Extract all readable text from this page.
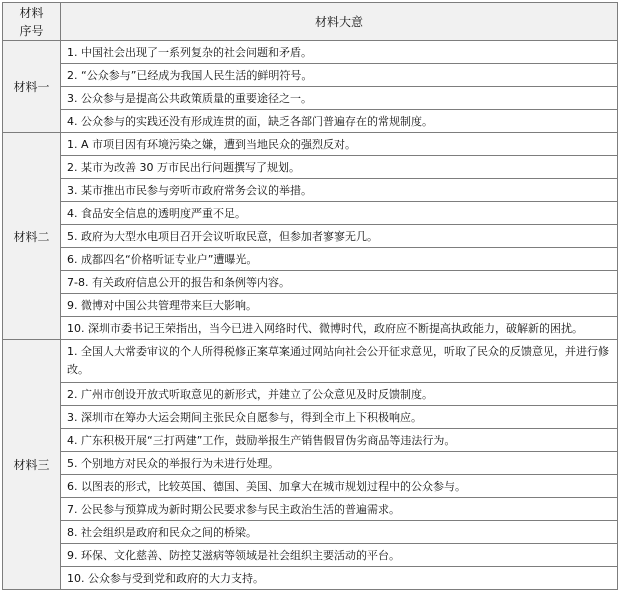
材料
序号	材料大意
材料一	1. 中国社会出现了一系列复杂的社会问题和矛盾。
	2. “公众参与”已经成为我国人民生活的鲜明符号。
	3. 公众参与是提高公共政策质量的重要途径之一。
	4. 公众参与的实践还没有形成连贯的面，缺乏各部门普遍存在的常规制度。
材料二	1. A 市项目因有环境污染之嫌，遭到当地民众的强烈反对。
	2. 某市为改善 30 万市民出行问题撰写了规划。
	3. 某市推出市民参与旁听市政府常务会议的举措。
	4. 食品安全信息的透明度严重不足。
	5. 政府为大型水电项目召开会议听取民意，但参加者寥寥无几。
	6. 成都四名“价格听证专业户”遭曝光。
	7-8. 有关政府信息公开的报告和条例等内容。
	9. 微博对中国公共管理带来巨大影响。
	10. 深圳市委书记王荣指出，当今已进入网络时代、微博时代，政府应不断提高执政能力，破解新的困扰。
材料三	1. 全国人大常委审议的个人所得税修正案草案通过网站向社会公开征求意见，听取了民众的反馈意见，并进行修改。
	2. 广州市创设开放式听取意见的新形式，并建立了公众意见及时反馈制度。
	3. 深圳市在筹办大运会期间主张民众自愿参与，得到全市上下积极响应。
	4. 广东积极开展“三打两建”工作，鼓励举报生产销售假冒伪劣商品等违法行为。
	5. 个别地方对民众的举报行为未进行处理。
	6. 以图表的形式，比较英国、德国、美国、加拿大在城市规划过程中的公众参与。
	7. 公民参与预算成为新时期公民要求参与民主政治生活的普遍需求。
	8. 社会组织是政府和民众之间的桥梁。
	9. 环保、文化慈善、防控艾滋病等领域是社会组织主要活动的平台。
	10. 公众参与受到党和政府的大力支持。
